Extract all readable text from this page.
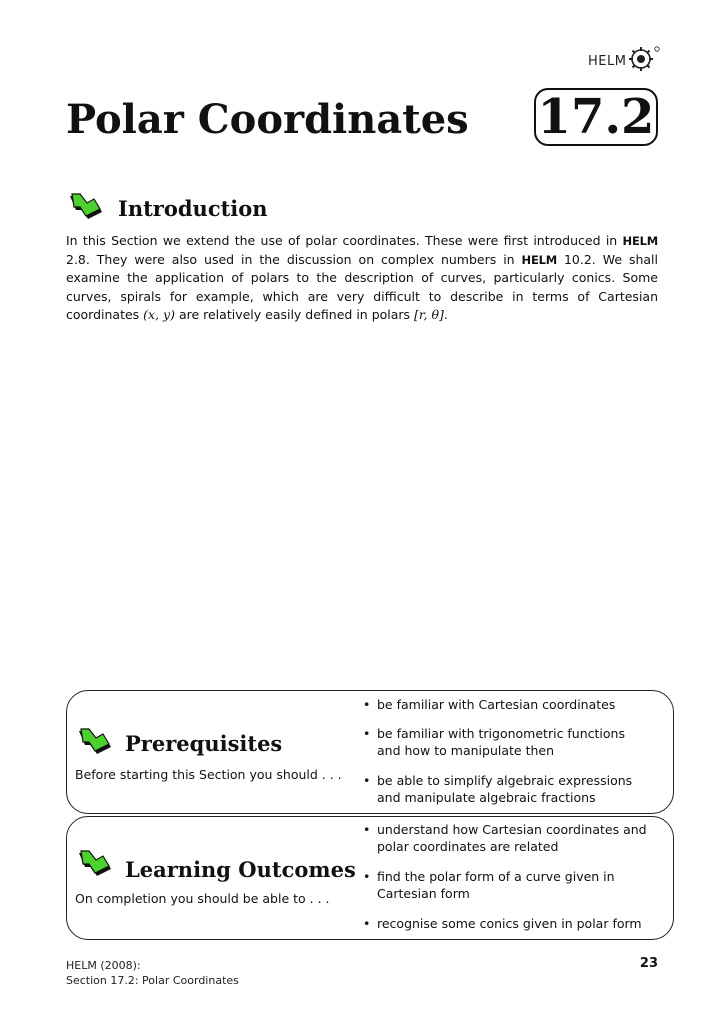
HELM
Polar Coordinates 17.2
Introduction
In this Section we extend the use of polar coordinates. These were first introduced in HELM 2.8. They were also used in the discussion on complex numbers in HELM 10.2. We shall examine the application of polars to the description of curves, particularly conics. Some curves, spirals for example, which are very difficult to describe in terms of Cartesian coordinates (x, y) are relatively easily defined in polars [r, θ].
Prerequisites
Before starting this Section you should . . .
• be familiar with Cartesian coordinates
• be familiar with trigonometric functions and how to manipulate then
• be able to simplify algebraic expressions and manipulate algebraic fractions
Learning Outcomes
On completion you should be able to . . .
• understand how Cartesian coordinates and polar coordinates are related
• find the polar form of a curve given in Cartesian form
• recognise some conics given in polar form
HELM (2008):
Section 17.2: Polar Coordinates
23
